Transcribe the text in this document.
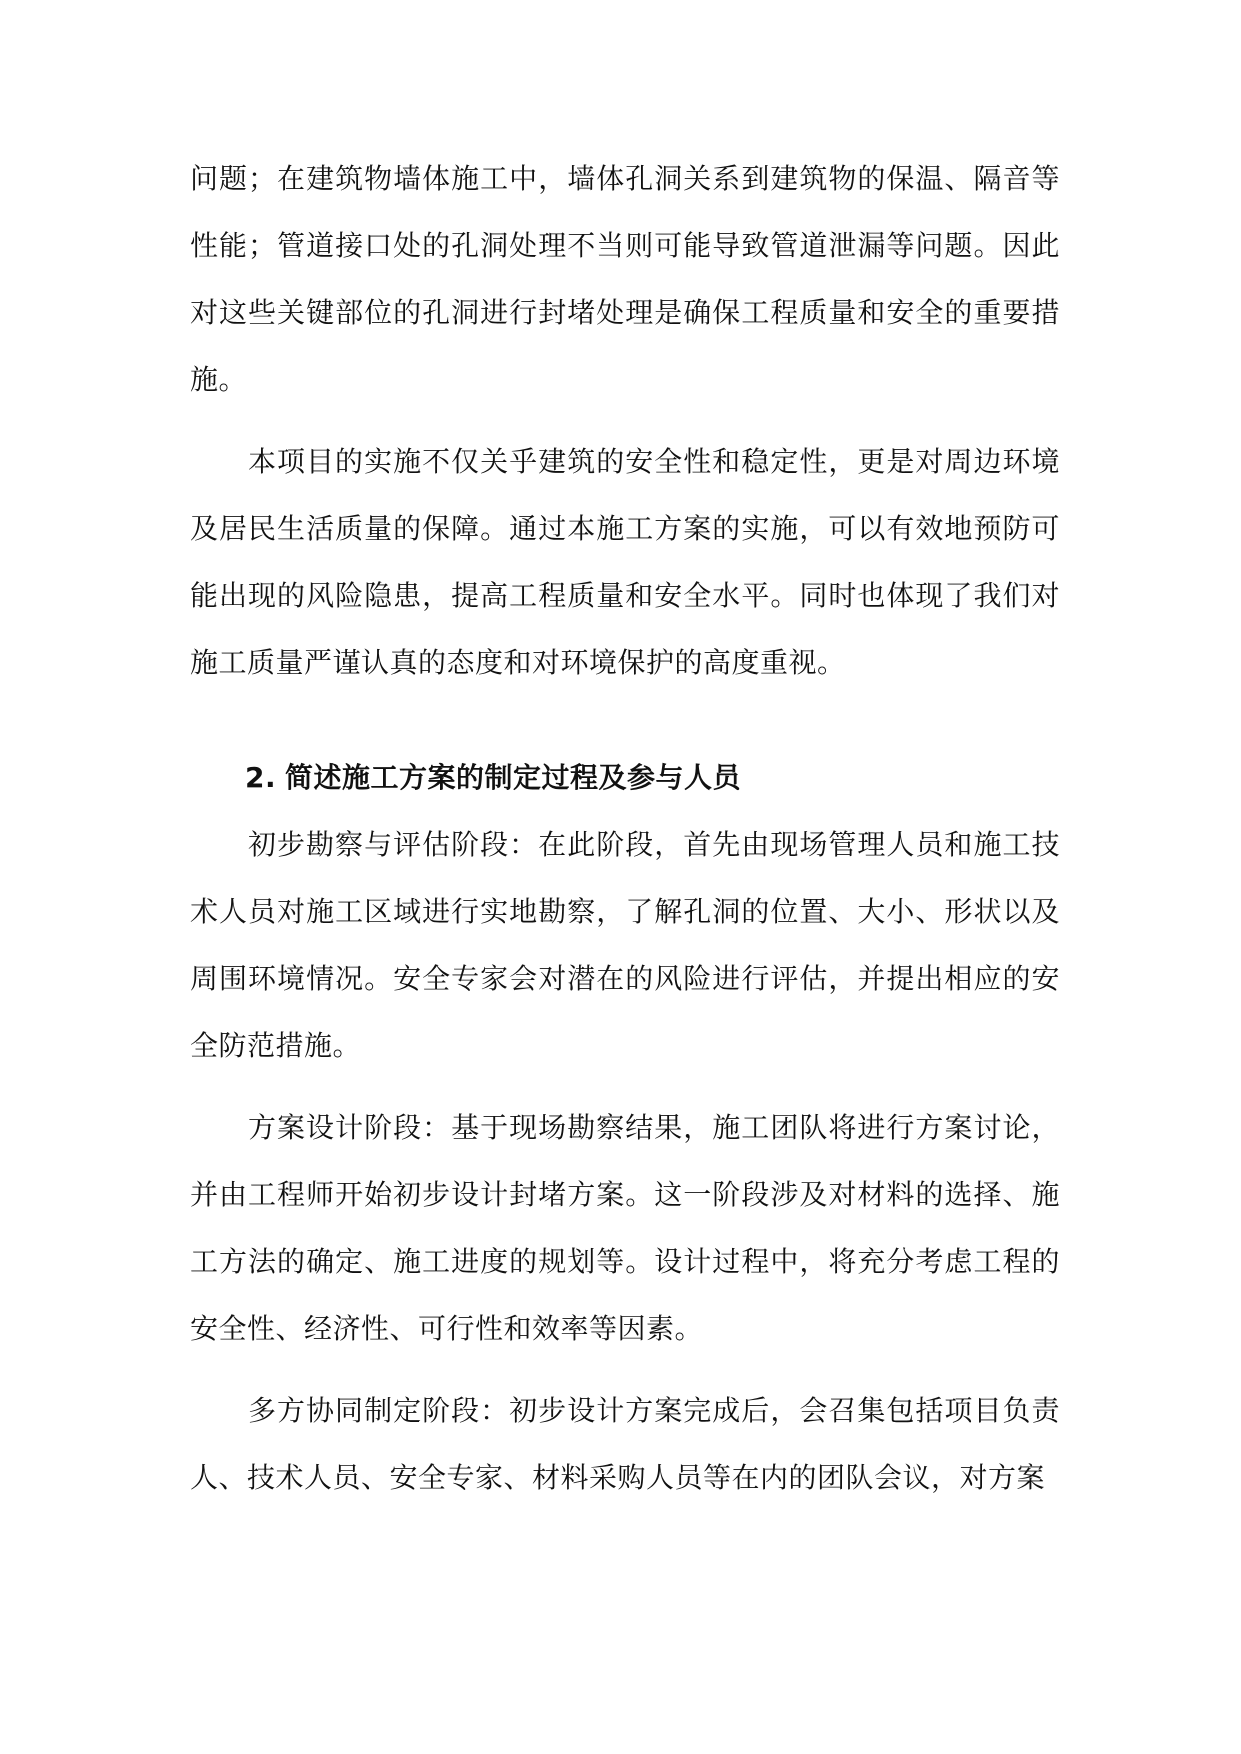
问题；在建筑物墙体施工中，墙体孔洞关系到建筑物的保温、隔音等性能；管道接口处的孔洞处理不当则可能导致管道泄漏等问题。因此对这些关键部位的孔洞进行封堵处理是确保工程质量和安全的重要措施。

本项目的实施不仅关乎建筑的安全性和稳定性，更是对周边环境及居民生活质量的保障。通过本施工方案的实施，可以有效地预防可能出现的风险隐患，提高工程质量和安全水平。同时也体现了我们对施工质量严谨认真的态度和对环境保护的高度重视。

2. 简述施工方案的制定过程及参与人员

初步勘察与评估阶段：在此阶段，首先由现场管理人员和施工技术人员对施工区域进行实地勘察，了解孔洞的位置、大小、形状以及周围环境情况。安全专家会对潜在的风险进行评估，并提出相应的安全防范措施。

方案设计阶段：基于现场勘察结果，施工团队将进行方案讨论，并由工程师开始初步设计封堵方案。这一阶段涉及对材料的选择、施工方法的确定、施工进度的规划等。设计过程中，将充分考虑工程的安全性、经济性、可行性和效率等因素。

多方协同制定阶段：初步设计方案完成后，会召集包括项目负责人、技术人员、安全专家、材料采购人员等在内的团队会议，对方案
